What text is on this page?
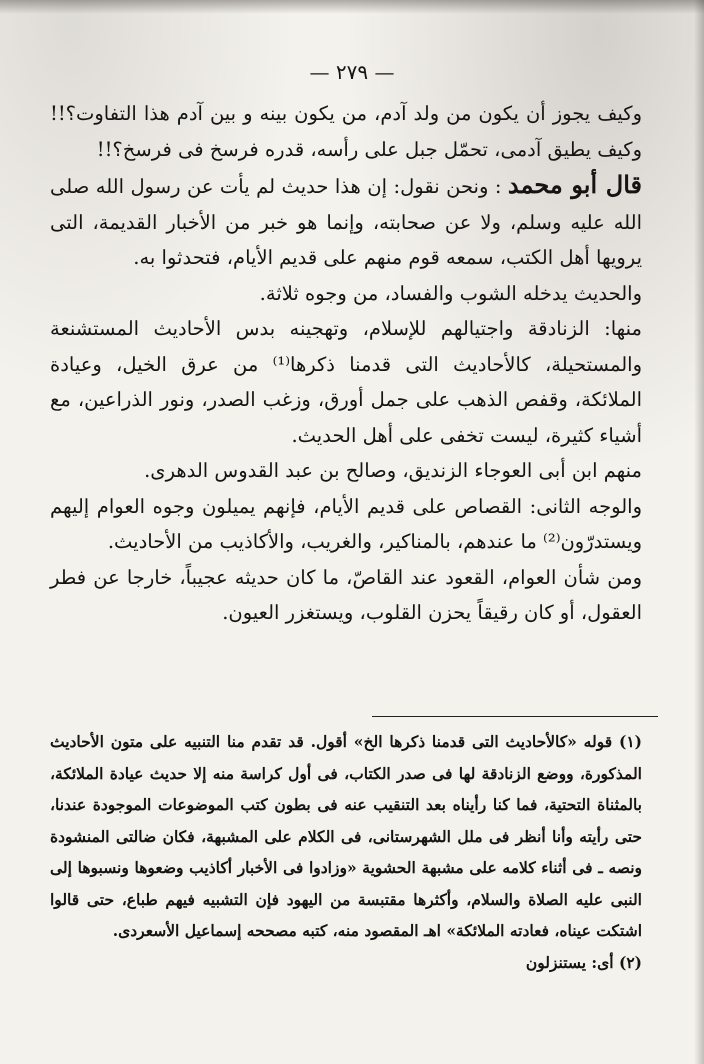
— ٢٧٩ —

وكيف يجوز أن يكون من ولد آدم، من يكون بينه و بين آدم هذا التفاوت؟!! وكيف يطيق آدمى، تحمّل جبل على رأسه، قدره فرسخ فى فرسخ؟!!

قال أبو محمد : ونحن نقول: إن هذا حديث لم يأت عن رسول الله صلى الله عليه وسلم، ولا عن صحابته، وإنما هو خبر من الأخبار القديمة، التى يرويها أهل الكتب، سمعه قوم منهم على قديم الأيام، فتحدثوا به.

والحديث يدخله الشوب والفساد، من وجوه ثلاثة.

منها: الزنادقة واجتيالهم للإسلام، وتهجينه بدس الأحاديث المستشنعة والمستحيلة، كالأحاديث التى قدمنا ذكرها⁽¹⁾ من عرق الخيل، وعيادة الملائكة، وقفص الذهب على جمل أورق، وزغب الصدر، ونور الذراعين، مع أشياء كثيرة، ليست تخفى على أهل الحديث.

منهم ابن أبى العوجاء الزنديق، وصالح بن عبد القدوس الدهرى.

والوجه الثانى: القصاص على قديم الأيام، فإنهم يميلون وجوه العوام إليهم ويستدرّون⁽²⁾ ما عندهم، بالمناكير، والغريب، والأكاذيب من الأحاديث.

ومن شأن العوام، القعود عند القاصّ، ما كان حديثه عجيباً، خارجا عن فطر العقول، أو كان رقيقاً يحزن القلوب، ويستغزر العيون.

(١) قوله «كالأحاديث التى قدمنا ذكرها الخ» أقول. قد تقدم منا التنبيه على متون الأحاديث المذكورة، ووضع الزنادقة لها فى صدر الكتاب، فى أول كراسة منه إلا حديث عيادة الملائكة، بالمثناة التحتية، فما كنا رأيناه بعد التنقيب عنه فى بطون كتب الموضوعات الموجودة عندنا، حتى رأيته وأنا أنظر فى ملل الشهرستانى، فى الكلام على المشبهة، فكان ضالتى المنشودة ونصه ـ فى أثناء كلامه على مشبهة الحشوية «وزادوا فى الأخبار أكاذيب وضعوها ونسبوها إلى النبى عليه الصلاة والسلام، وأكثرها مقتبسة من اليهود فإن التشبيه فيهم طباع، حتى قالوا اشتكت عيناه، فعادته الملائكة» اهـ المقصود منه، كتبه مصححه إسماعيل الأسعردى.

(٢) أى: يستنزلون
